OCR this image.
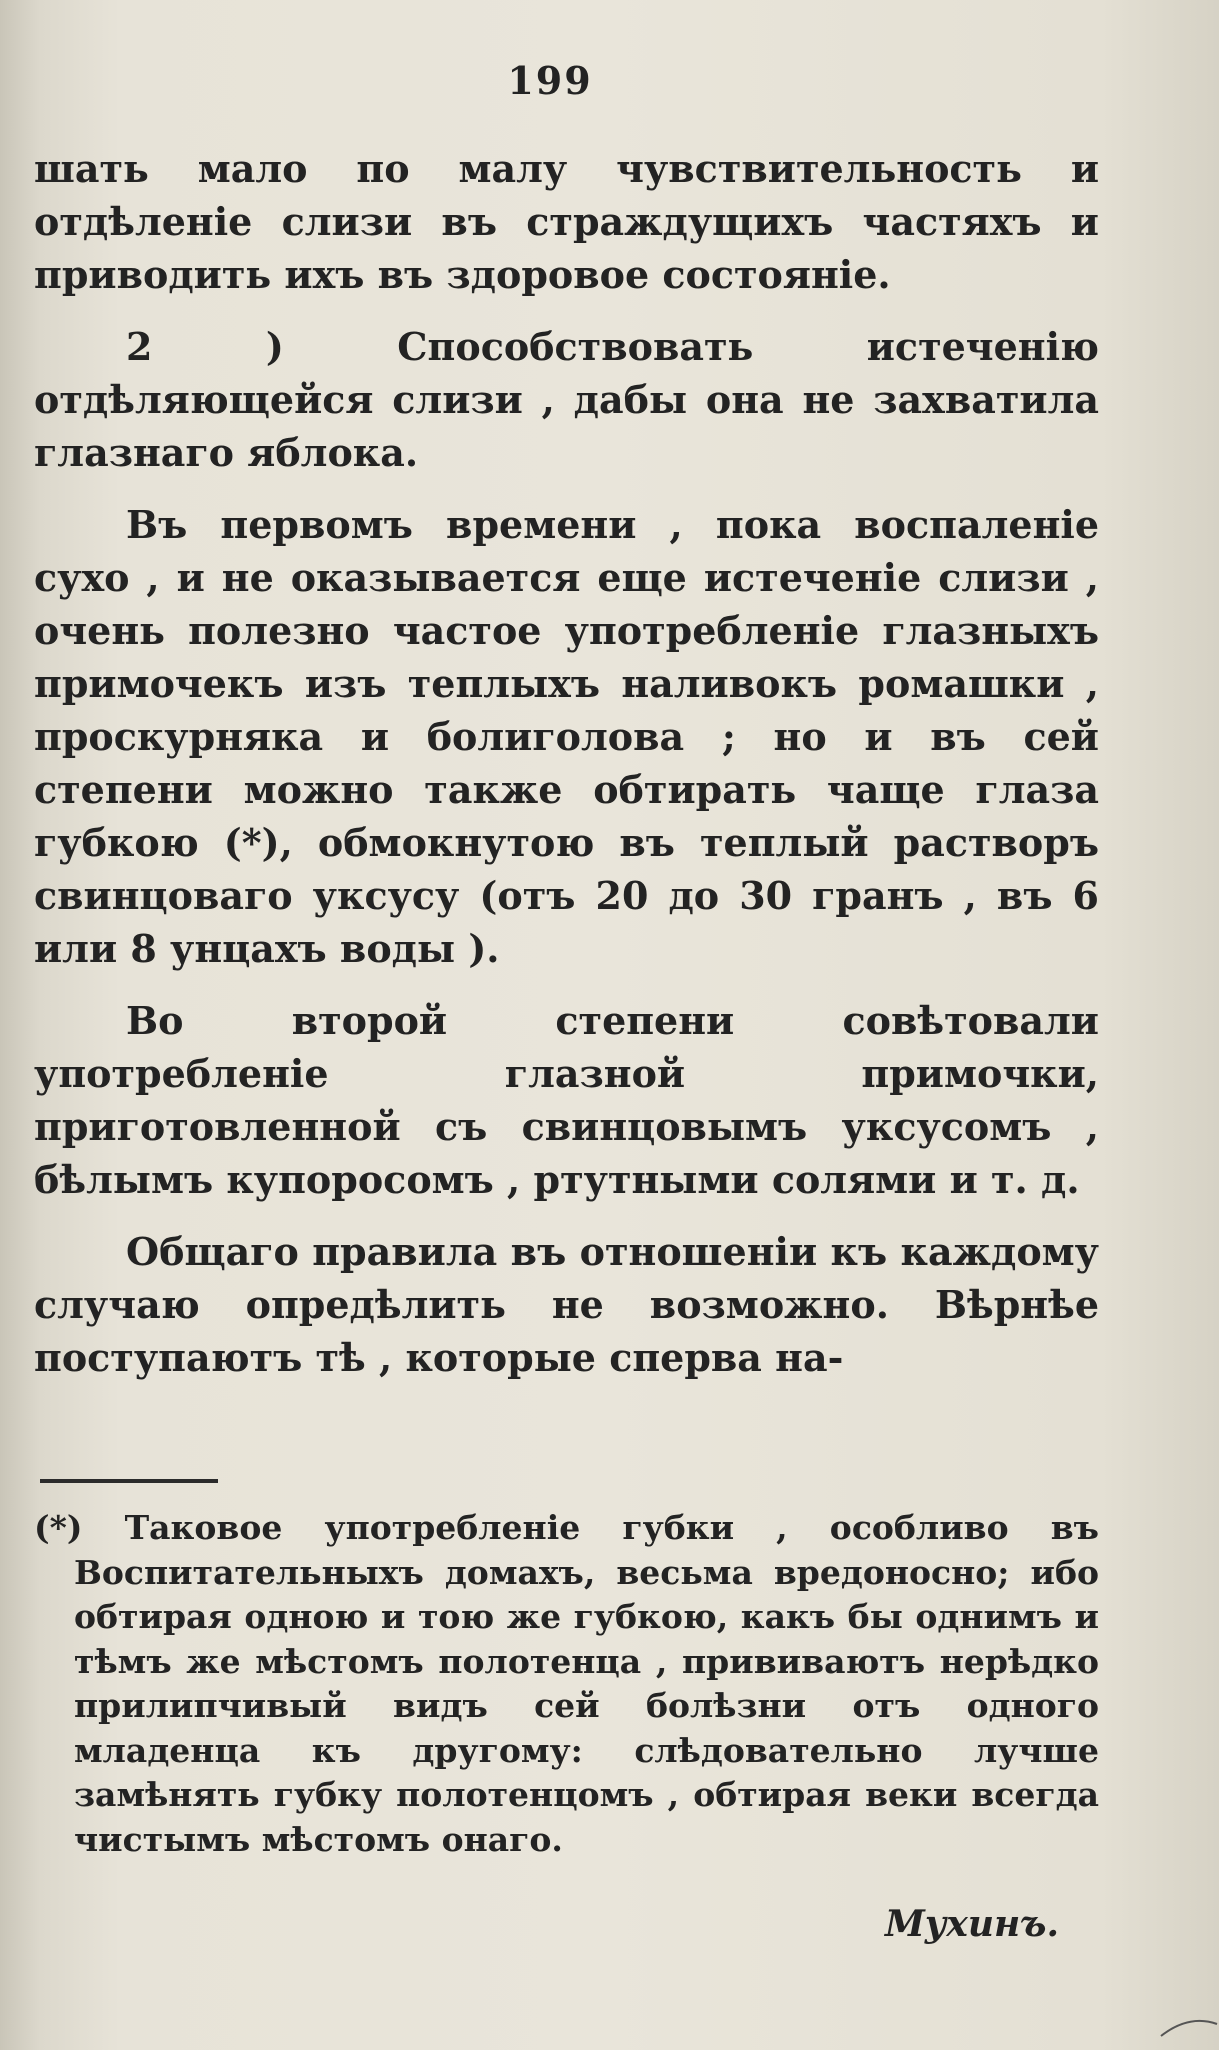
199

шать мало по малу чувствительность и отдѣленіе слизи въ страждущихъ частяхъ и приводить ихъ въ здоровое состояніе.

2 ) Способствовать истеченію отдѣляющейся слизи , дабы она не захватила глазнаго яблока.

Въ первомъ времени , пока воспаленіе сухо , и не оказывается еще истеченіе слизи , очень полезно частое употребленіе глазныхъ примочекъ изъ теплыхъ наливокъ ромашки , проскурняка и болиголова ; но и въ сей степени можно также обтирать чаще глаза губкою (*), обмокнутою въ теплый растворъ свинцоваго уксусу (отъ 20 до 30 гранъ , въ 6 или 8 унцахъ воды ).

Во второй степени совѣтовали употребленіе глазной примочки, приготовленной съ свинцовымъ уксусомъ , бѣлымъ купоросомъ , ртутными солями и т. д.

Общаго правила въ отношеніи къ каждому случаю опредѣлить не возможно. Вѣрнѣе поступаютъ тѣ , которые сперва на-

(*) Таковое употребленіе губки , особливо въ Воспитательныхъ домахъ, весьма вредоносно; ибо обтирая одною и тою же губкою, какъ бы однимъ и тѣмъ же мѣстомъ полотенца , прививаютъ нерѣдко прилипчивый видъ сей болѣзни отъ одного младенца къ другому: слѣдовательно лучше замѣнять губку полотенцомъ , обтирая веки всегда чистымъ мѣстомъ онаго.

Мухинъ.
